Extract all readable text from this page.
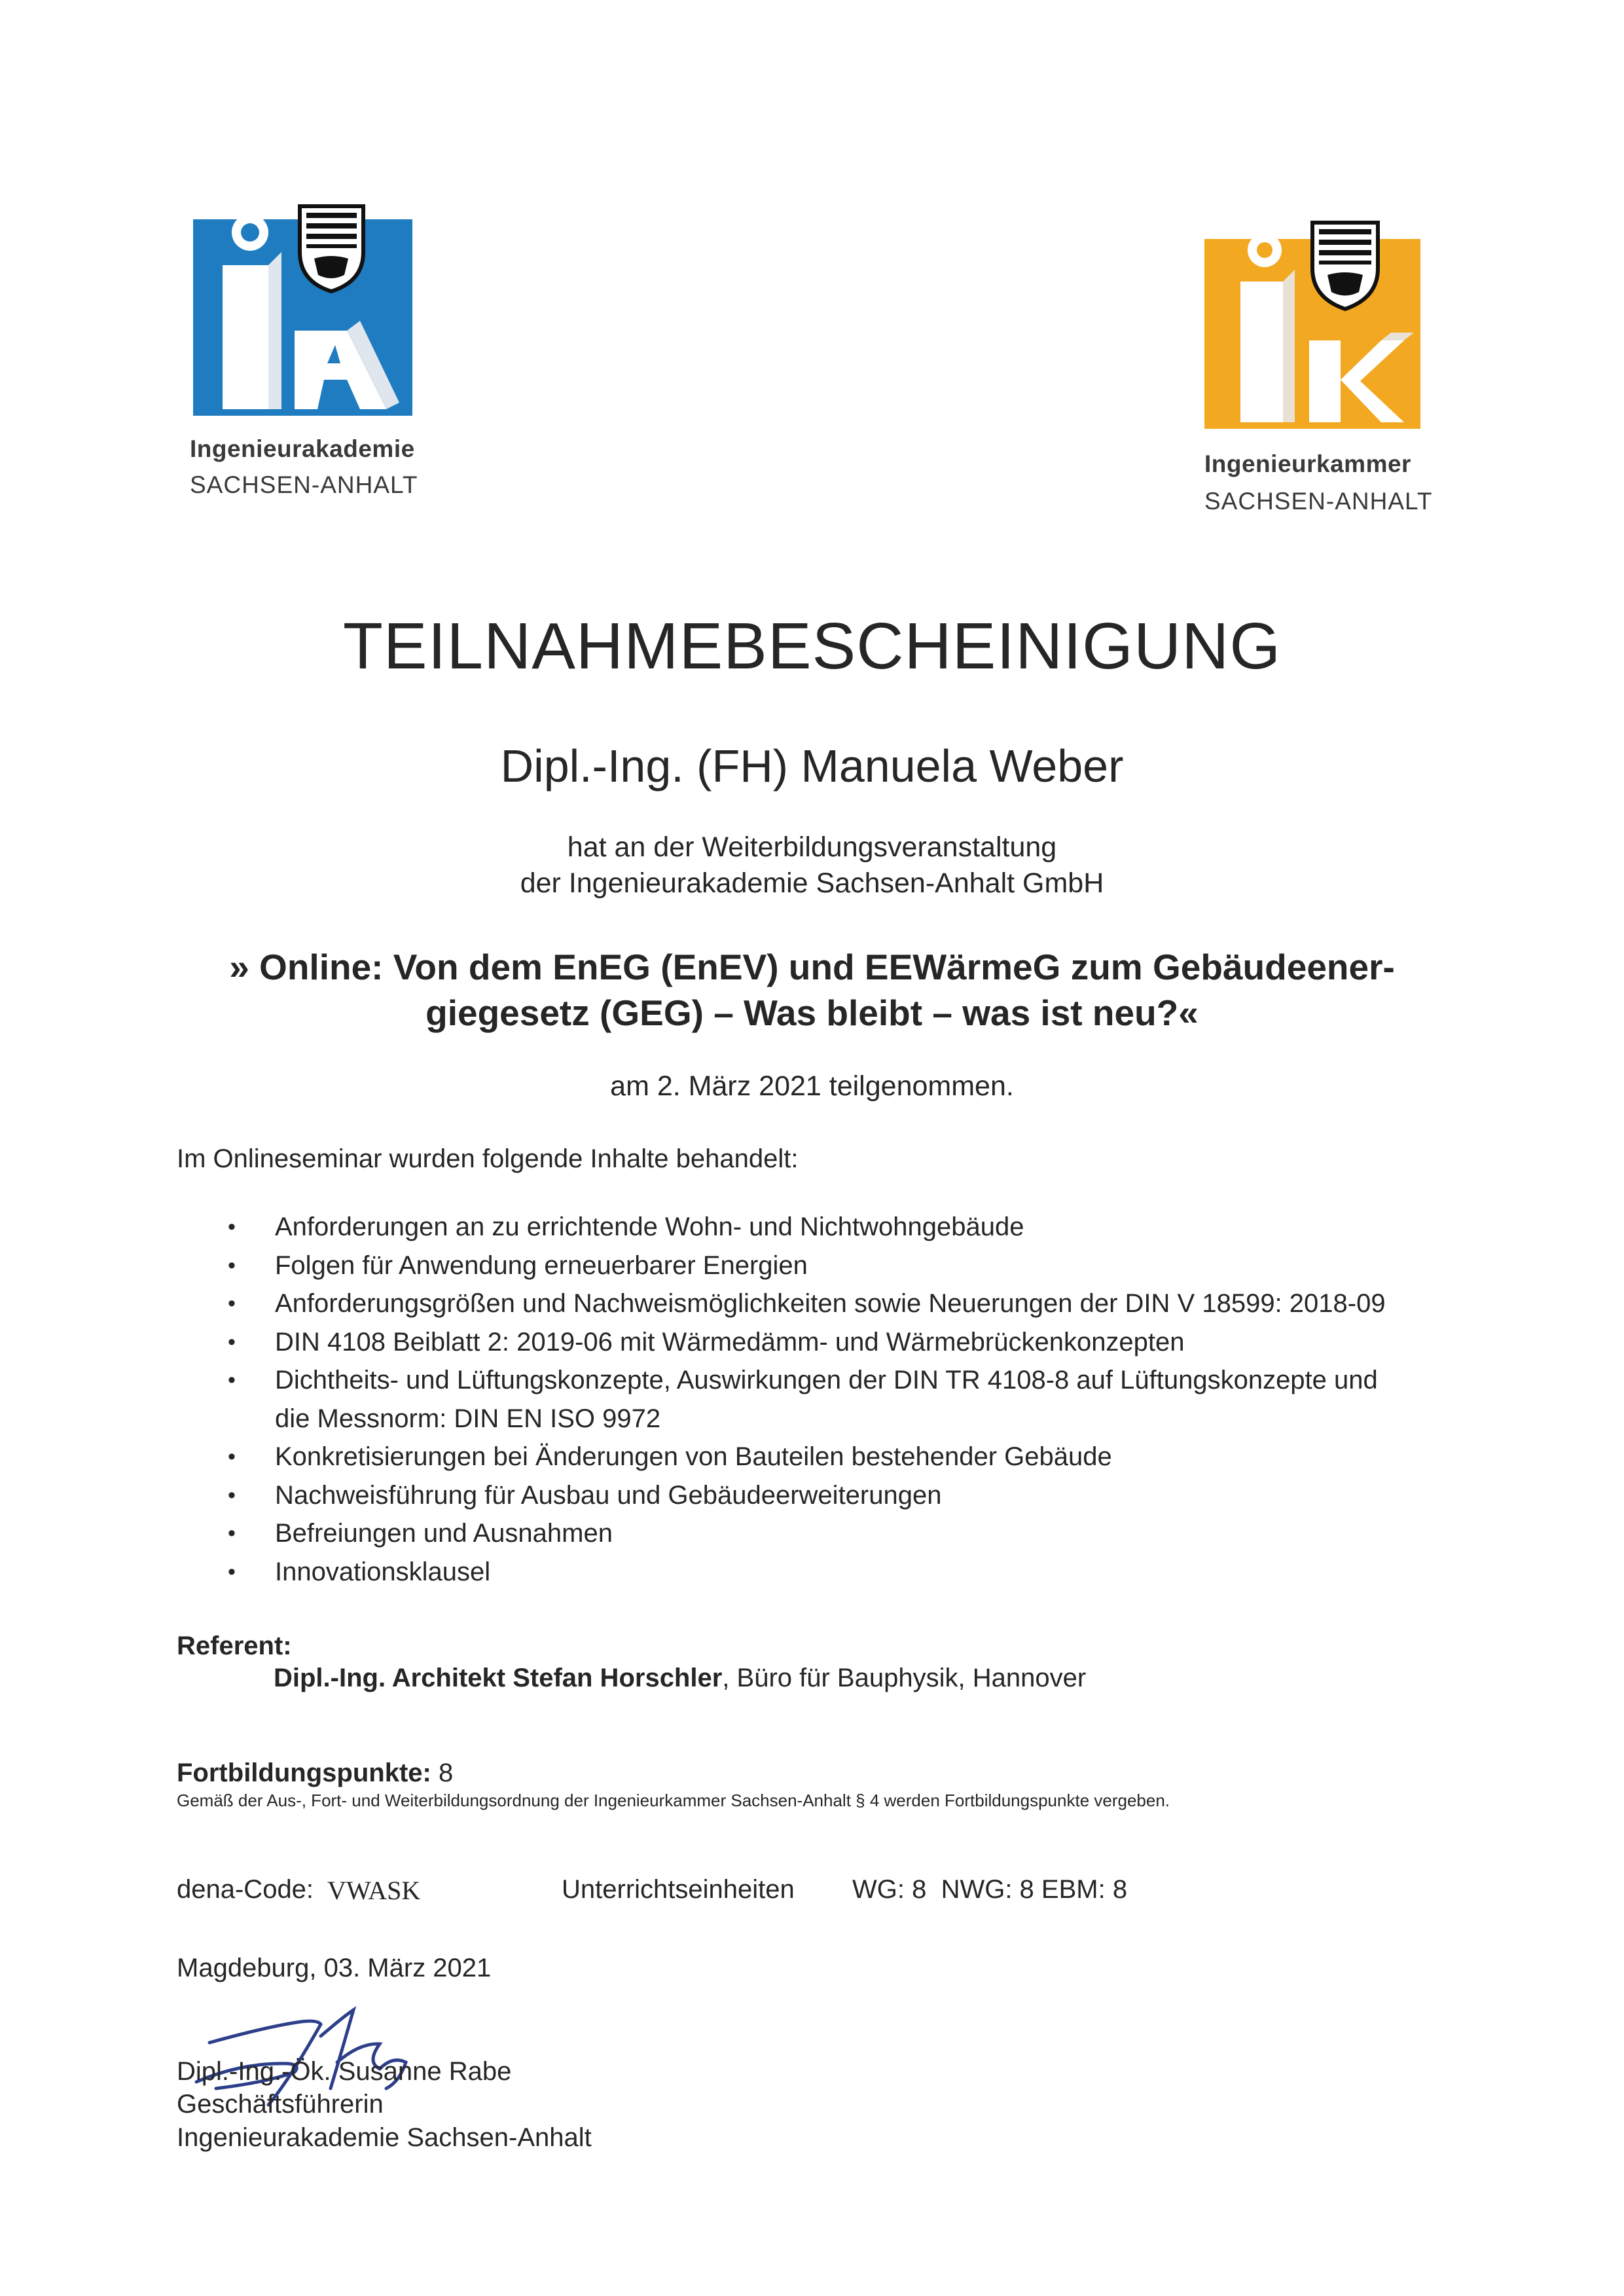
Ingenieurakademie
SACHSEN-ANHALT
Ingenieurkammer
SACHSEN-ANHALT
TEILNAHMEBESCHEINIGUNG
Dipl.-Ing. (FH) Manuela Weber
hat an der Weiterbildungsveranstaltung
der Ingenieurakademie Sachsen-Anhalt GmbH
» Online: Von dem EnEG (EnEV) und EEWärmeG zum Gebäudeener-
giegesetz (GEG) – Was bleibt – was ist neu?«
am 2. März 2021 teilgenommen.
Im Onlineseminar wurden folgende Inhalte behandelt:
• Anforderungen an zu errichtende Wohn- und Nichtwohngebäude
• Folgen für Anwendung erneuerbarer Energien
• Anforderungsgrößen und Nachweismöglichkeiten sowie Neuerungen der DIN V 18599: 2018-09
• DIN 4108 Beiblatt 2: 2019-06 mit Wärmedämm- und Wärmebrückenkonzepten
• Dichtheits- und Lüftungskonzepte, Auswirkungen der DIN TR 4108-8 auf Lüftungskonzepte und
die Messnorm: DIN EN ISO 9972
• Konkretisierungen bei Änderungen von Bauteilen bestehender Gebäude
• Nachweisführung für Ausbau und Gebäudeerweiterungen
• Befreiungen und Ausnahmen
• Innovationsklausel
Referent:
Dipl.-Ing. Architekt Stefan Horschler, Büro für Bauphysik, Hannover
Fortbildungspunkte: 8
Gemäß der Aus-, Fort- und Weiterbildungsordnung der Ingenieurkammer Sachsen-Anhalt § 4 werden Fortbildungspunkte vergeben.
dena-Code: VWASK	Unterrichtseinheiten WG: 8  NWG: 8 EBM: 8
Magdeburg, 03. März 2021
Dipl.-Ing.-Ök. Susanne Rabe
Geschäftsführerin
Ingenieurakademie Sachsen-Anhalt
